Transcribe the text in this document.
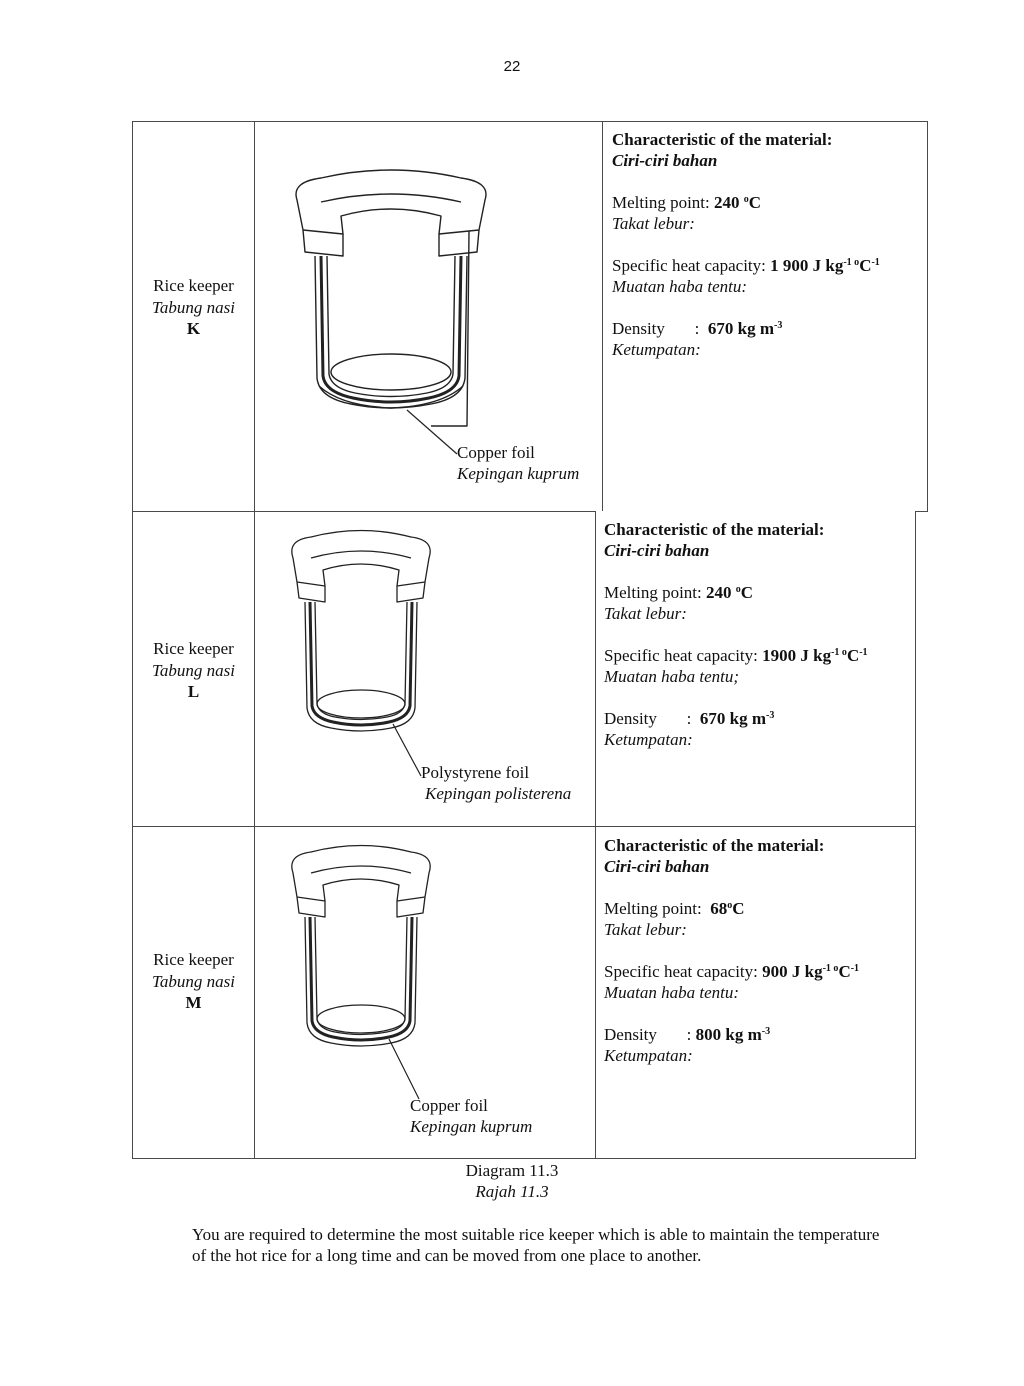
22
Rice keeper
Tabung nasi
K
Copper foil
Kepingan kuprum

Characteristic of the material:

Ciri-ciri bahan

Melting point: 240 $^o$C

Takat lebur:

Specific heat capacity: 1 900 J $kg^{-1 o}C^{-1}$

Muatan haba tentu:

Density       :  670 kg $m^{-3}$

Ketumpatan:

Rice keeper
Tabung nasi
L
Polystyrene foil
Kepingan polisterena

Characteristic of the material:

Ciri-ciri bahan

Melting point: 240 $^o$C

Takat lebur:

Specific heat capacity: 1900 J $kg^{-1 o}C^{-1}$

Muatan haba tentu;

Density       :  670 kg $m^{-3}$

Ketumpatan:

Rice keeper
Tabung nasi
M
Copper foil
Kepingan kuprum

Characteristic of the material:

Ciri-ciri bahan

Melting point:  68$^o$C

Takat lebur:

Specific heat capacity: 900 J $kg^{-1 o}C^{-1}$

Muatan haba tentu:

Density       : 800 kg $m^{-3}$

Ketumpatan:

Diagram 11.3
Rajah 11.3
You are required to determine the most suitable rice keeper which is able to maintain the temperature of the hot rice for a long time and can be moved from one place to another.
